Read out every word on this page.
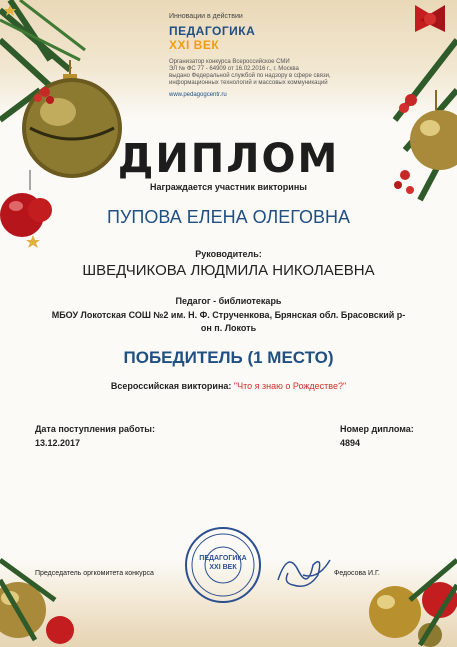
Инновации в действии
ПЕДАГОГИКА
XXI ВЕК
Организатор конкурса Всероссийское СМИ
ЭЛ № ФС 77 - 64909 от 16.02.2016 г., г. Москва
выдано Федеральной службой по надзору в сфере связи,
информационных технологий и массовых коммуникаций
www.pedagogcentr.ru
ДИПЛОМ
Награждается участник викторины
ПУПОВА ЕЛЕНА ОЛЕГОВНА
Руководитель:
ШВЕДЧИКОВА ЛЮДМИЛА НИКОЛАЕВНА
Педагог - библиотекарь
МБОУ Локотская СОШ №2 им. Н. Ф. Струченкова, Брянская обл. Брасовский р-
он п. Локоть
ПОБЕДИТЕЛЬ (1 МЕСТО)
Всероссийская викторина: "Что я знаю о Рождестве?"
Дата поступления работы:
13.12.2017
Номер диплома:
4894
Председатель оргкомитета конкурса
ПЕДАГОГИКА
XXI ВЕК
Федосова И.Г.
